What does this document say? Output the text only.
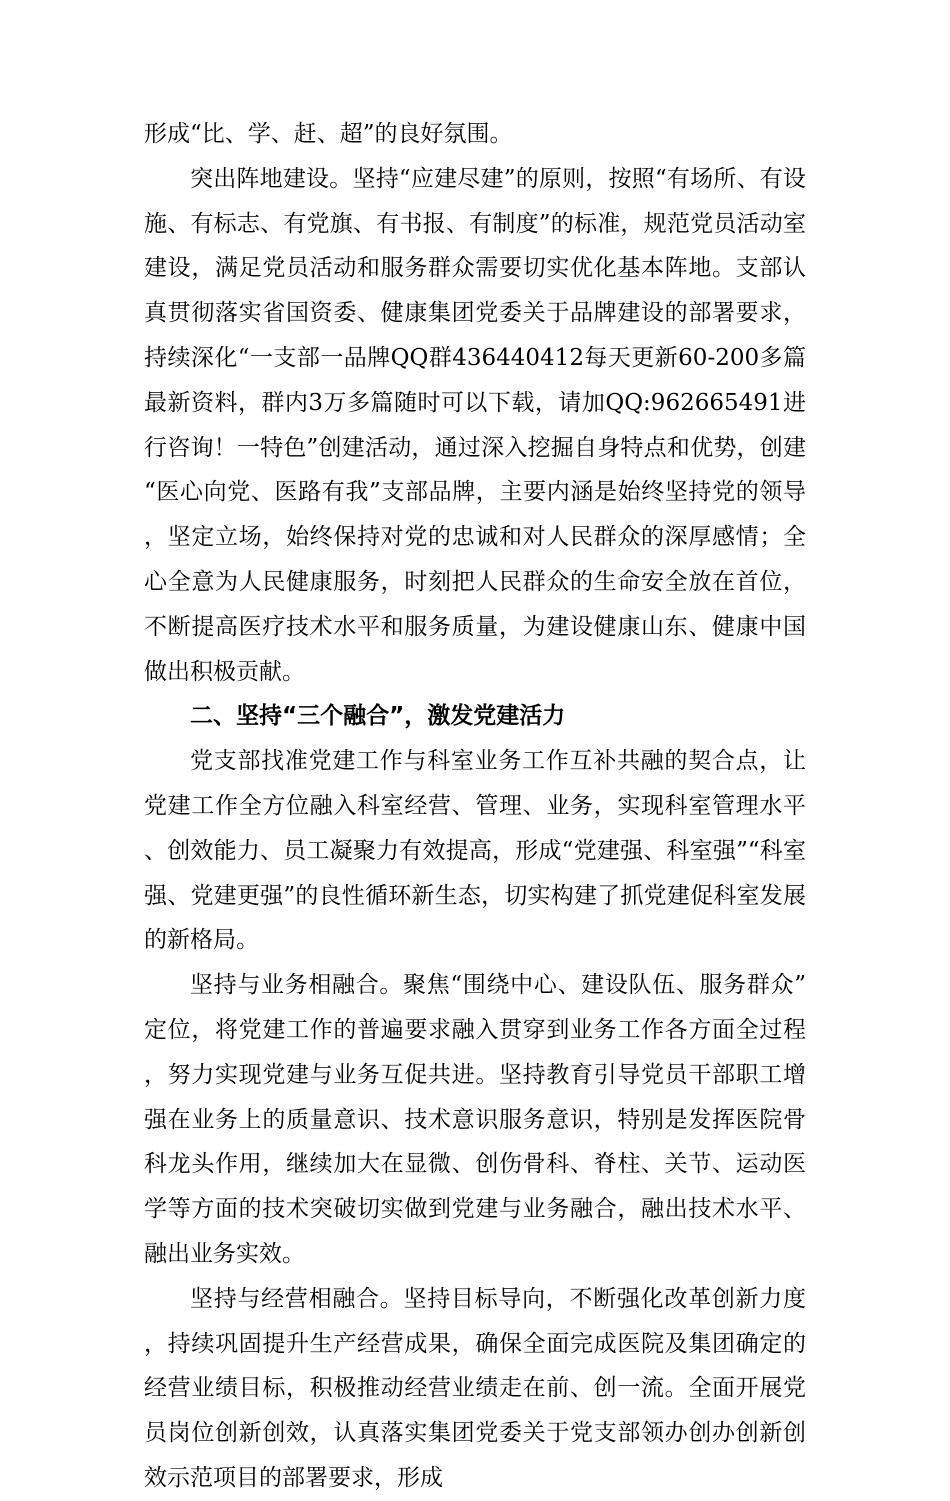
形成“比、学、赶、超”的良好氛围。

突出阵地建设。坚持“应建尽建”的原则，按照“有场所、有设施、有标志、有党旗、有书报、有制度”的标准，规范党员活动室建设，满足党员活动和服务群众需要切实优化基本阵地。支部认真贯彻落实省国资委、健康集团党委关于品牌建设的部署要求，持续深化“一支部一品牌QQ群436440412每天更新60-200多篇最新资料，群内3万多篇随时可以下载，请加QQ:962665491进行咨询！一特色”创建活动，通过深入挖掘自身特点和优势，创建“医心向党、医路有我”支部品牌，主要内涵是始终坚持党的领导，坚定立场，始终保持对党的忠诚和对人民群众的深厚感情；全心全意为人民健康服务，时刻把人民群众的生命安全放在首位，不断提高医疗技术水平和服务质量，为建设健康山东、健康中国做出积极贡献。

二、坚持“三个融合”，激发党建活力

党支部找准党建工作与科室业务工作互补共融的契合点，让党建工作全方位融入科室经营、管理、业务，实现科室管理水平、创效能力、员工凝聚力有效提高，形成“党建强、科室强”“科室强、党建更强”的良性循环新生态，切实构建了抓党建促科室发展的新格局。

坚持与业务相融合。聚焦“围绕中心、建设队伍、服务群众”定位，将党建工作的普遍要求融入贯穿到业务工作各方面全过程，努力实现党建与业务互促共进。坚持教育引导党员干部职工增强在业务上的质量意识、技术意识服务意识，特别是发挥医院骨科龙头作用，继续加大在显微、创伤骨科、脊柱、关节、运动医学等方面的技术突破切实做到党建与业务融合，融出技术水平、融出业务实效。

坚持与经营相融合。坚持目标导向，不断强化改革创新力度，持续巩固提升生产经营成果，确保全面完成医院及集团确定的经营业绩目标，积极推动经营业绩走在前、创一流。全面开展党员岗位创新创效，认真落实集团党委关于党支部领办创办创新创效示范项目的部署要求，形成
